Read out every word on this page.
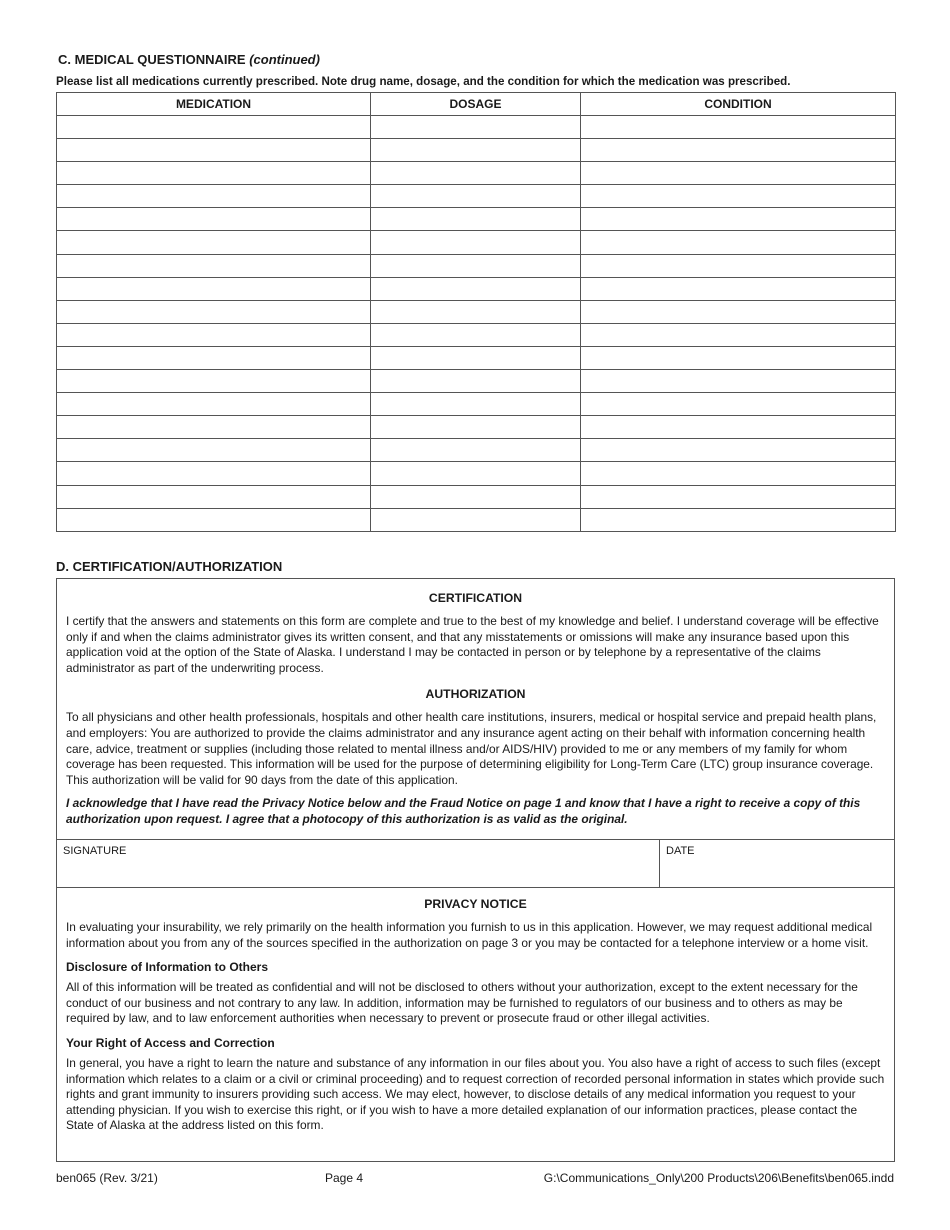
C. MEDICAL QUESTIONNAIRE (continued)
Please list all medications currently prescribed. Note drug name, dosage, and the condition for which the medication was prescribed.
MEDICATION	DOSAGE	CONDITION

D. CERTIFICATION/AUTHORIZATION
CERTIFICATION
I certify that the answers and statements on this form are complete and true to the best of my knowledge and belief. I understand coverage will be effective only if and when the claims administrator gives its written consent, and that any misstatements or omissions will make any insurance based upon this application void at the option of the State of Alaska. I understand I may be contacted in person or by telephone by a representative of the claims administrator as part of the underwriting process.
AUTHORIZATION
To all physicians and other health professionals, hospitals and other health care institutions, insurers, medical or hospital service and prepaid health plans, and employers: You are authorized to provide the claims administrator and any insurance agent acting on their behalf with information concerning health care, advice, treatment or supplies (including those related to mental illness and/or AIDS/HIV) provided to me or any members of my family for whom coverage has been requested. This information will be used for the purpose of determining eligibility for Long-Term Care (LTC) group insurance coverage. This authorization will be valid for 90 days from the date of this application.
I acknowledge that I have read the Privacy Notice below and the Fraud Notice on page 1 and know that I have a right to receive a copy of this authorization upon request. I agree that a photocopy of this authorization is as valid as the original.
SIGNATURE	DATE
PRIVACY NOTICE
In evaluating your insurability, we rely primarily on the health information you furnish to us in this application. However, we may request additional medical information about you from any of the sources specified in the authorization on page 3 or you may be contacted for a telephone interview or a home visit.
Disclosure of Information to Others
All of this information will be treated as confidential and will not be disclosed to others without your authorization, except to the extent necessary for the conduct of our business and not contrary to any law. In addition, information may be furnished to regulators of our business and to others as may be required by law, and to law enforcement authorities when necessary to prevent or prosecute fraud or other illegal activities.
Your Right of Access and Correction
In general, you have a right to learn the nature and substance of any information in our files about you. You also have a right of access to such files (except information which relates to a claim or a civil or criminal proceeding) and to request correction of recorded personal information in states which provide such rights and grant immunity to insurers providing such access. We may elect, however, to disclose details of any medical information you request to your attending physician. If you wish to exercise this right, or if you wish to have a more detailed explanation of our information practices, please contact the State of Alaska at the address listed on this form.
ben065 (Rev. 3/21)	Page 4	G:\Communications_Only\200 Products\206\Benefits\ben065.indd
